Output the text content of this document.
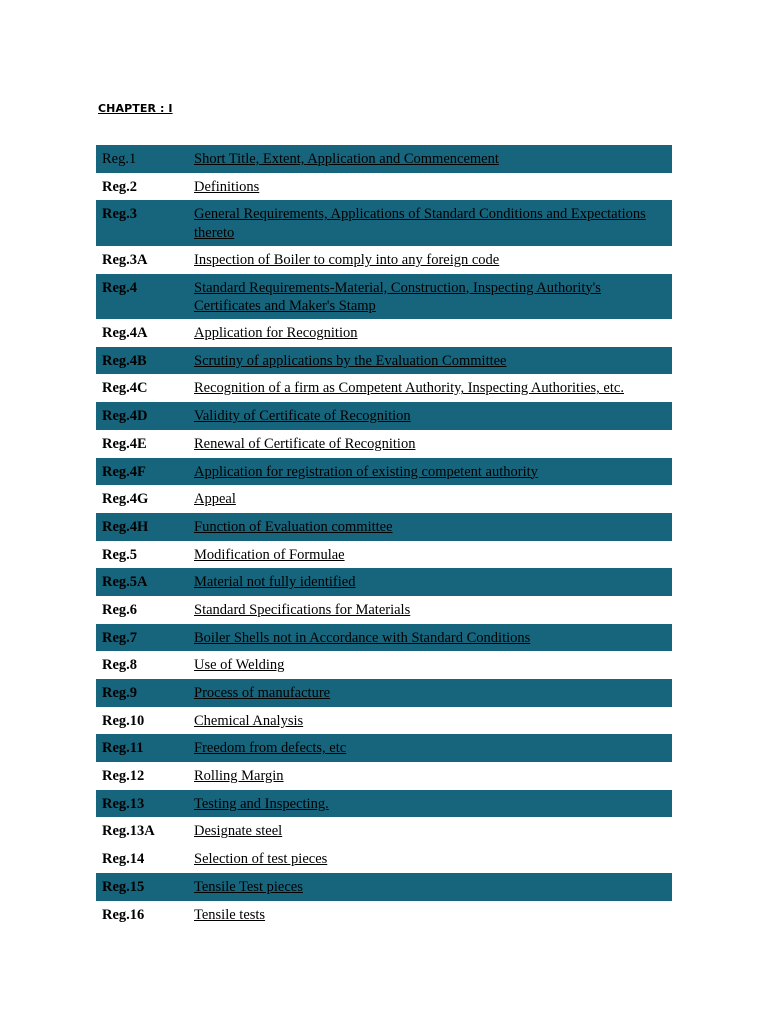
CHAPTER : I
Reg.1	Short Title, Extent, Application and Commencement
Reg.2	Definitions
Reg.3	General Requirements, Applications of Standard Conditions and Expectations thereto
Reg.3A	Inspection of Boiler to comply into any foreign code
Reg.4	Standard Requirements-Material, Construction, Inspecting Authority's Certificates and Maker's Stamp
Reg.4A	Application for Recognition
Reg.4B	Scrutiny of applications by the Evaluation Committee
Reg.4C	Recognition of a firm as Competent Authority, Inspecting Authorities, etc.
Reg.4D	Validity of Certificate of Recognition
Reg.4E	Renewal of Certificate of Recognition
Reg.4F	Application for registration of existing competent authority
Reg.4G	Appeal
Reg.4H	Function of Evaluation committee
Reg.5	Modification of Formulae
Reg.5A	Material not fully identified
Reg.6	Standard Specifications for Materials
Reg.7	Boiler Shells not in Accordance with Standard Conditions
Reg.8	Use of Welding
Reg.9	Process of manufacture
Reg.10	Chemical Analysis
Reg.11	Freedom from defects, etc
Reg.12	Rolling Margin
Reg.13	Testing and Inspecting.
Reg.13A	Designate steel
Reg.14	Selection of test pieces
Reg.15	Tensile Test pieces
Reg.16	Tensile tests
